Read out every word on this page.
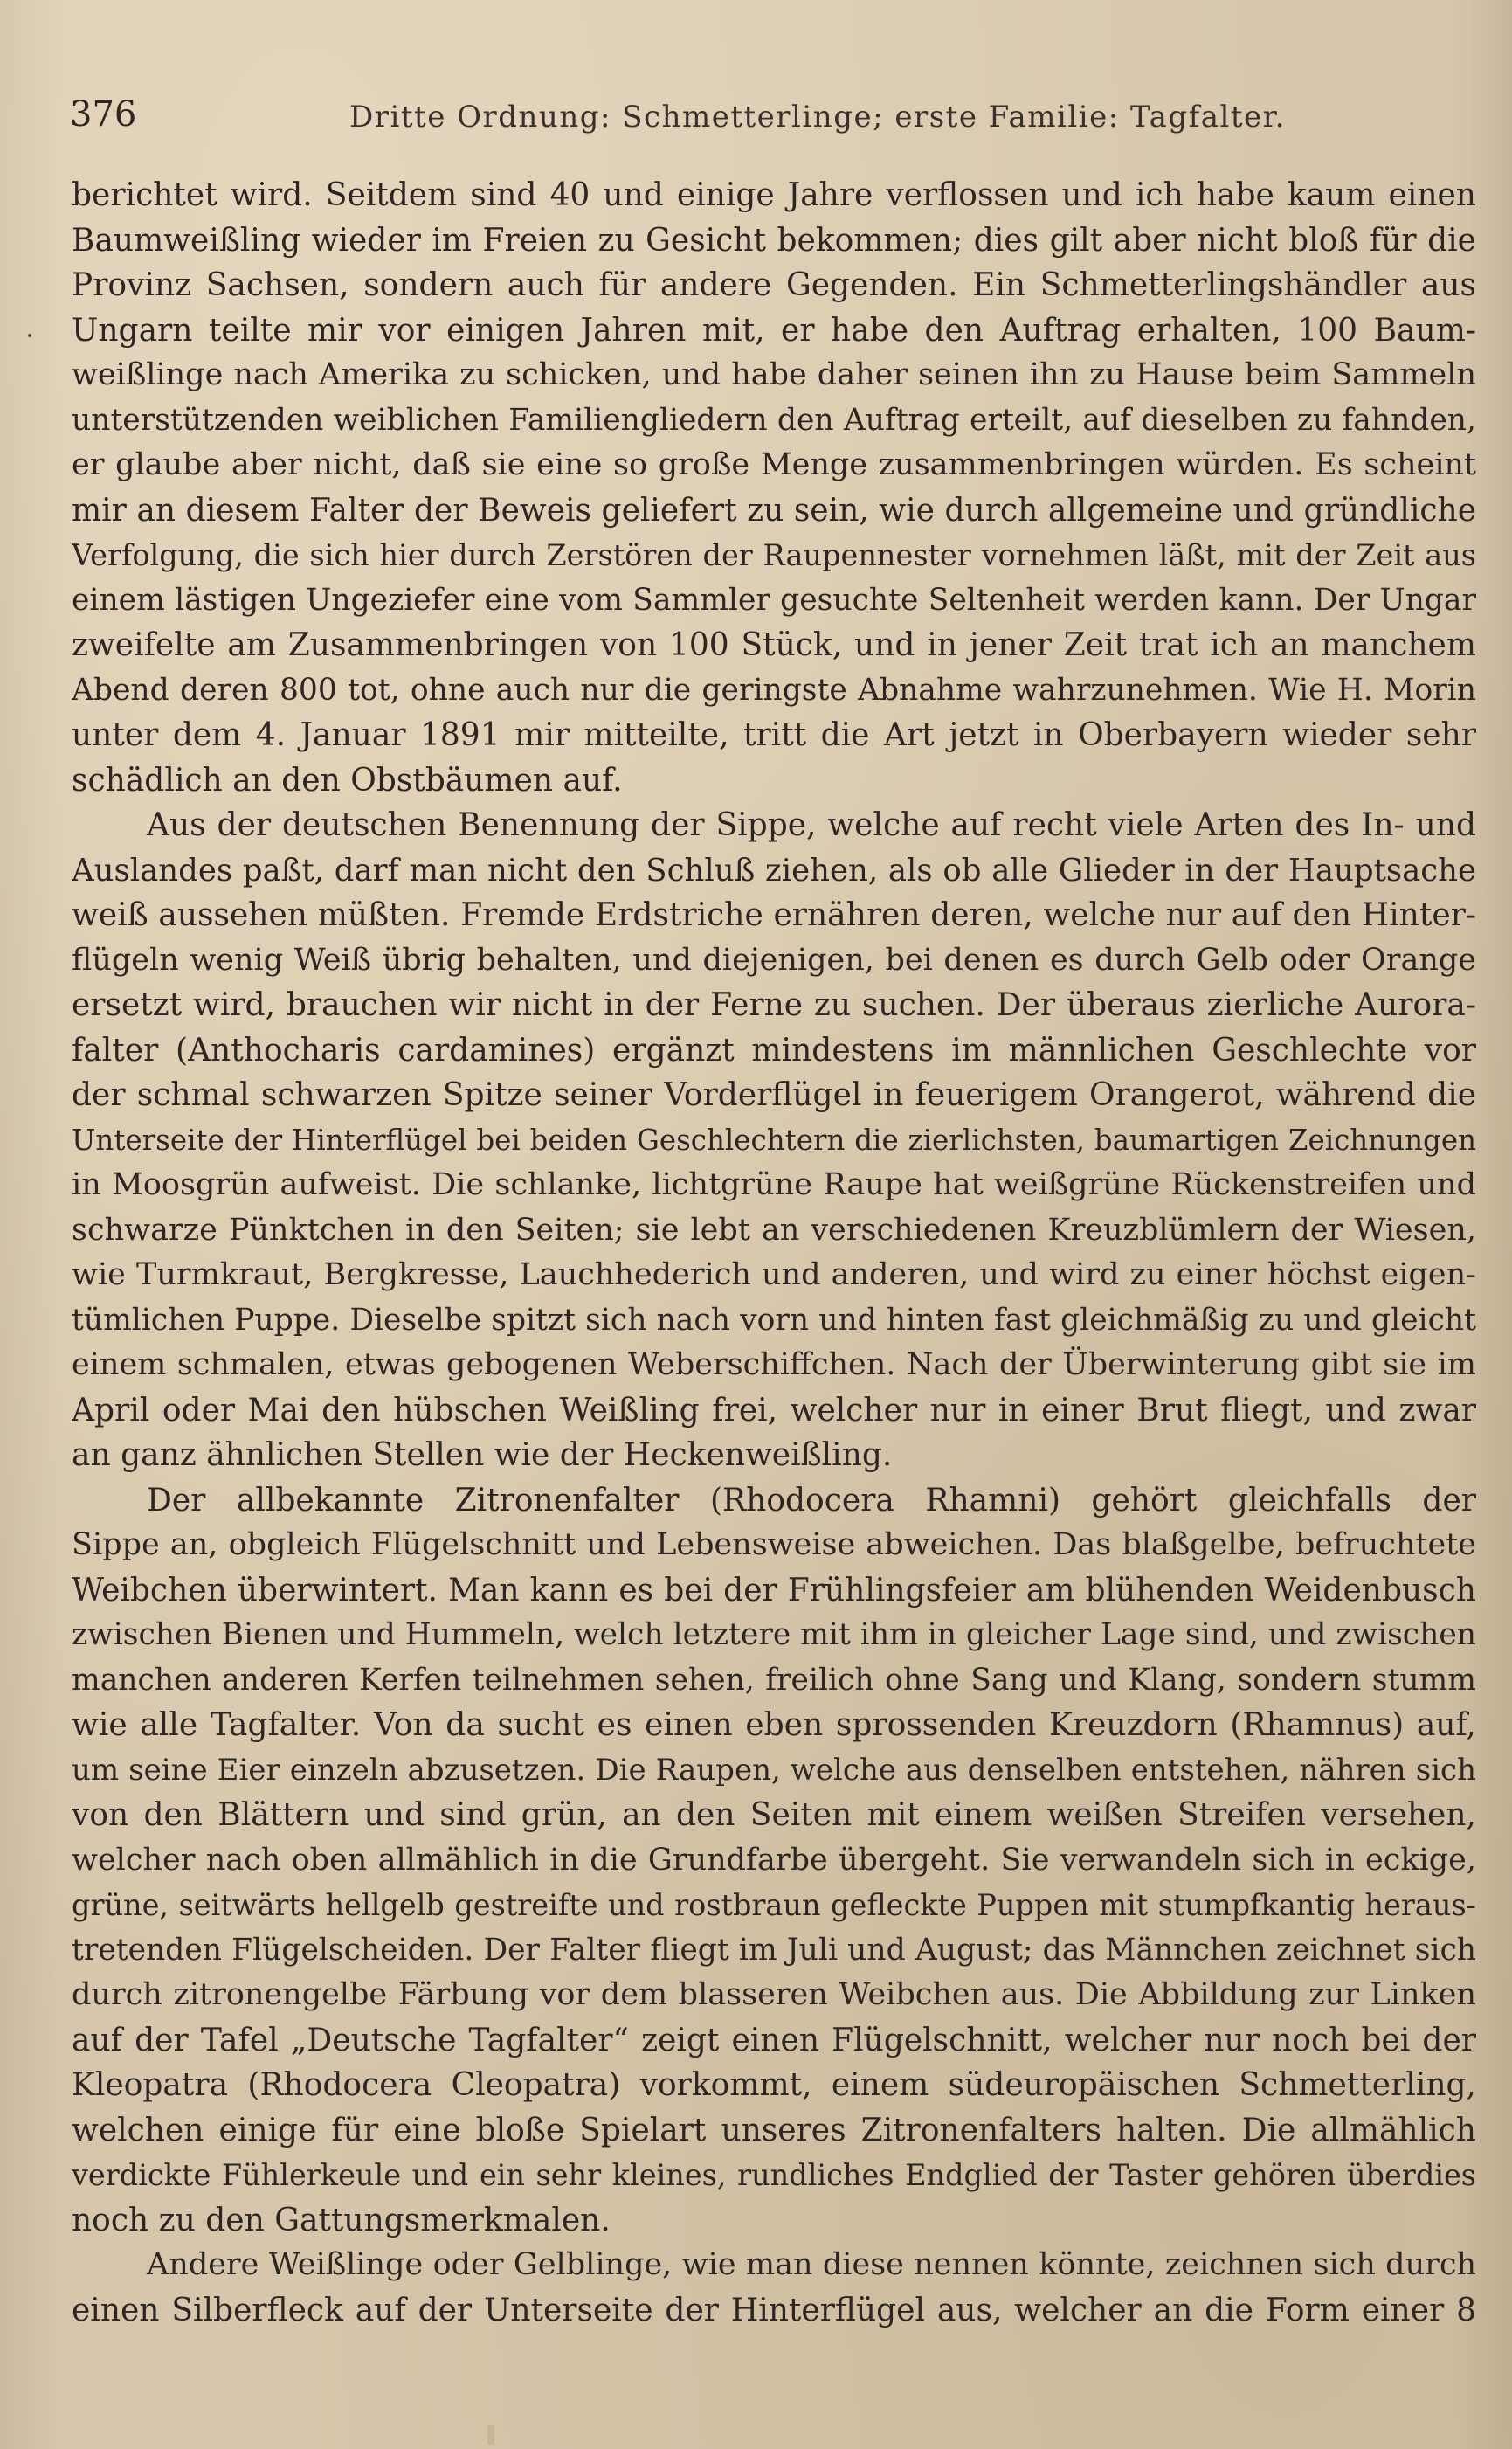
376	Dritte Ordnung: Schmetterlinge; erste Familie: Tagfalter.
berichtet wird. Seitdem sind 40 und einige Jahre verflossen und ich habe kaum einen
Baumweißling wieder im Freien zu Gesicht bekommen; dies gilt aber nicht bloß für die
Provinz Sachsen, sondern auch für andere Gegenden. Ein Schmetterlingshändler aus
Ungarn teilte mir vor einigen Jahren mit, er habe den Auftrag erhalten, 100 Baum-
weißlinge nach Amerika zu schicken, und habe daher seinen ihn zu Hause beim Sammeln
unterstützenden weiblichen Familiengliedern den Auftrag erteilt, auf dieselben zu fahnden,
er glaube aber nicht, daß sie eine so große Menge zusammenbringen würden. Es scheint
mir an diesem Falter der Beweis geliefert zu sein, wie durch allgemeine und gründliche
Verfolgung, die sich hier durch Zerstören der Raupennester vornehmen läßt, mit der Zeit aus
einem lästigen Ungeziefer eine vom Sammler gesuchte Seltenheit werden kann. Der Ungar
zweifelte am Zusammenbringen von 100 Stück, und in jener Zeit trat ich an manchem
Abend deren 800 tot, ohne auch nur die geringste Abnahme wahrzunehmen. Wie H. Morin
unter dem 4. Januar 1891 mir mitteilte, tritt die Art jetzt in Oberbayern wieder sehr
schädlich an den Obstbäumen auf.
Aus der deutschen Benennung der Sippe, welche auf recht viele Arten des In- und
Auslandes paßt, darf man nicht den Schluß ziehen, als ob alle Glieder in der Hauptsache
weiß aussehen müßten. Fremde Erdstriche ernähren deren, welche nur auf den Hinter-
flügeln wenig Weiß übrig behalten, und diejenigen, bei denen es durch Gelb oder Orange
ersetzt wird, brauchen wir nicht in der Ferne zu suchen. Der überaus zierliche Aurora-
falter (Anthocharis cardamines) ergänzt mindestens im männlichen Geschlechte vor
der schmal schwarzen Spitze seiner Vorderflügel in feuerigem Orangerot, während die
Unterseite der Hinterflügel bei beiden Geschlechtern die zierlichsten, baumartigen Zeichnungen
in Moosgrün aufweist. Die schlanke, lichtgrüne Raupe hat weißgrüne Rückenstreifen und
schwarze Pünktchen in den Seiten; sie lebt an verschiedenen Kreuzblümlern der Wiesen,
wie Turmkraut, Bergkresse, Lauchhederich und anderen, und wird zu einer höchst eigen-
tümlichen Puppe. Dieselbe spitzt sich nach vorn und hinten fast gleichmäßig zu und gleicht
einem schmalen, etwas gebogenen Weberschiffchen. Nach der Überwinterung gibt sie im
April oder Mai den hübschen Weißling frei, welcher nur in einer Brut fliegt, und zwar
an ganz ähnlichen Stellen wie der Heckenweißling.
Der allbekannte Zitronenfalter (Rhodocera Rhamni) gehört gleichfalls der
Sippe an, obgleich Flügelschnitt und Lebensweise abweichen. Das blaßgelbe, befruchtete
Weibchen überwintert. Man kann es bei der Frühlingsfeier am blühenden Weidenbusch
zwischen Bienen und Hummeln, welch letztere mit ihm in gleicher Lage sind, und zwischen
manchen anderen Kerfen teilnehmen sehen, freilich ohne Sang und Klang, sondern stumm
wie alle Tagfalter. Von da sucht es einen eben sprossenden Kreuzdorn (Rhamnus) auf,
um seine Eier einzeln abzusetzen. Die Raupen, welche aus denselben entstehen, nähren sich
von den Blättern und sind grün, an den Seiten mit einem weißen Streifen versehen,
welcher nach oben allmählich in die Grundfarbe übergeht. Sie verwandeln sich in eckige,
grüne, seitwärts hellgelb gestreifte und rostbraun gefleckte Puppen mit stumpfkantig heraus-
tretenden Flügelscheiden. Der Falter fliegt im Juli und August; das Männchen zeichnet sich
durch zitronengelbe Färbung vor dem blasseren Weibchen aus. Die Abbildung zur Linken
auf der Tafel „Deutsche Tagfalter“ zeigt einen Flügelschnitt, welcher nur noch bei der
Kleopatra (Rhodocera Cleopatra) vorkommt, einem südeuropäischen Schmetterling,
welchen einige für eine bloße Spielart unseres Zitronenfalters halten. Die allmählich
verdickte Fühlerkeule und ein sehr kleines, rundliches Endglied der Taster gehören überdies
noch zu den Gattungsmerkmalen.
Andere Weißlinge oder Gelblinge, wie man diese nennen könnte, zeichnen sich durch
einen Silberfleck auf der Unterseite der Hinterflügel aus, welcher an die Form einer 8
